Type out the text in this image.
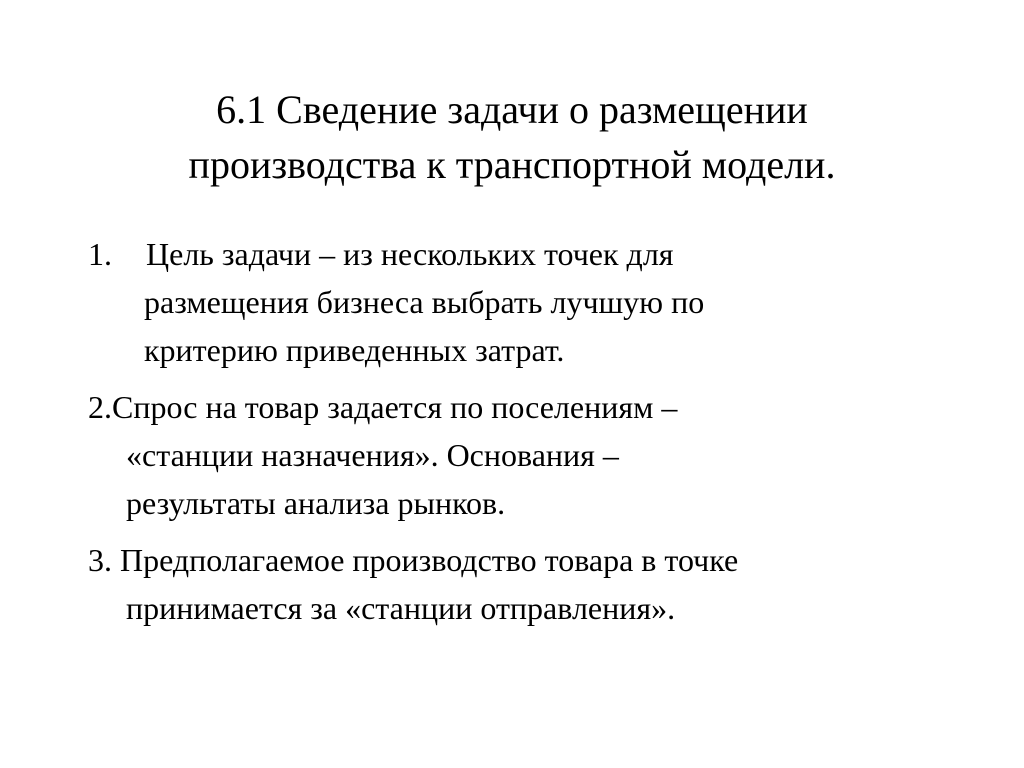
6.1 Сведение задачи о размещении
производства к транспортной модели.
1. Цель задачи – из нескольких точек для
размещения бизнеса выбрать лучшую по
критерию приведенных затрат.
2.Спрос на товар задается по поселениям –
«станции назначения». Основания –
результаты анализа рынков.
3. Предполагаемое производство товара в точке
принимается за «станции отправления».
